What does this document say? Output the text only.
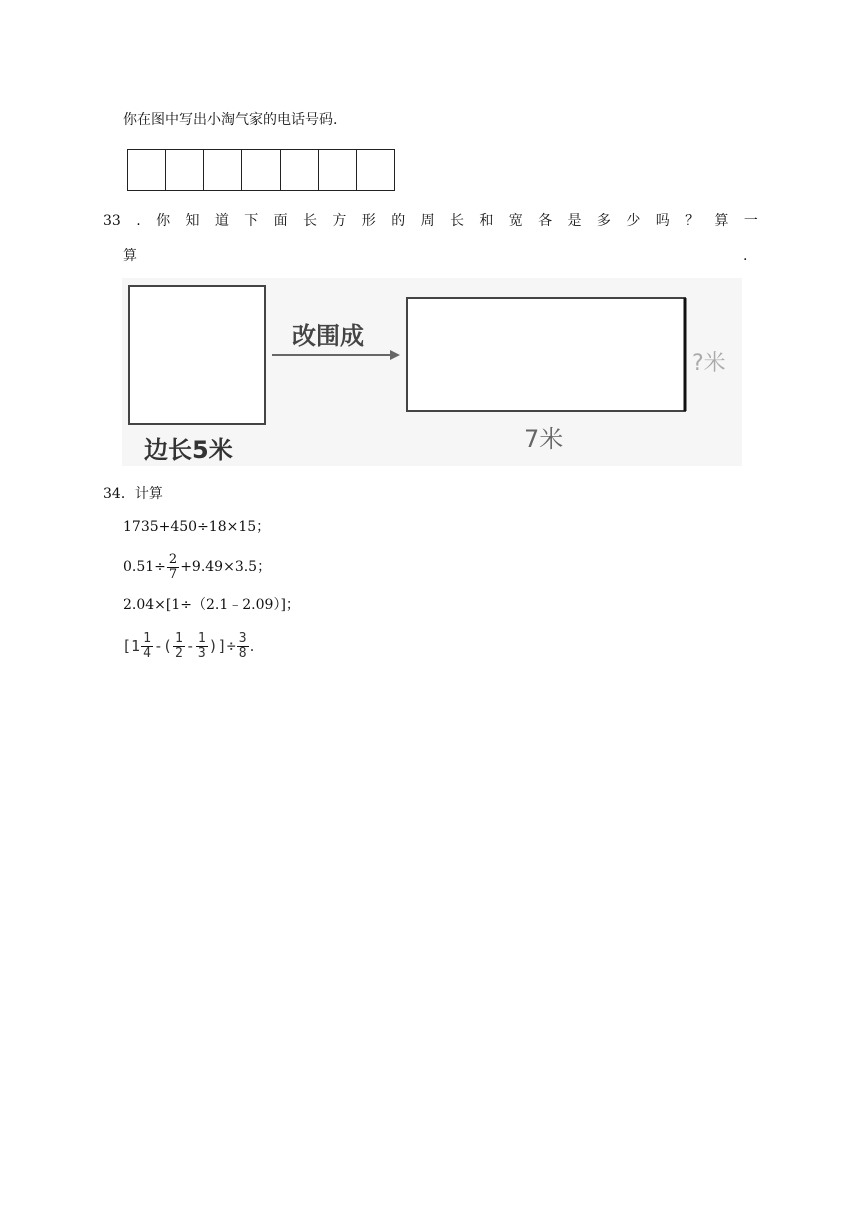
你在图中写出小淘气家的电话号码.
33 . 你 知 道 下 面 长 方 形 的 周 长 和 宽 各 是 多 少 吗 ？ 算 一
算	.
边长5米
改围成
7米
?米
34．计算
1735+450÷18×15；
$0.51\div \frac{2}{7} +9.49\times 3.5$；
2.04×[1÷（2.1﹣2.09）]；
[$1 \frac{1}{4}$ -( $\frac{1}{2} - \frac{1}{3}$ )]÷ $\frac{3}{8}$ .
